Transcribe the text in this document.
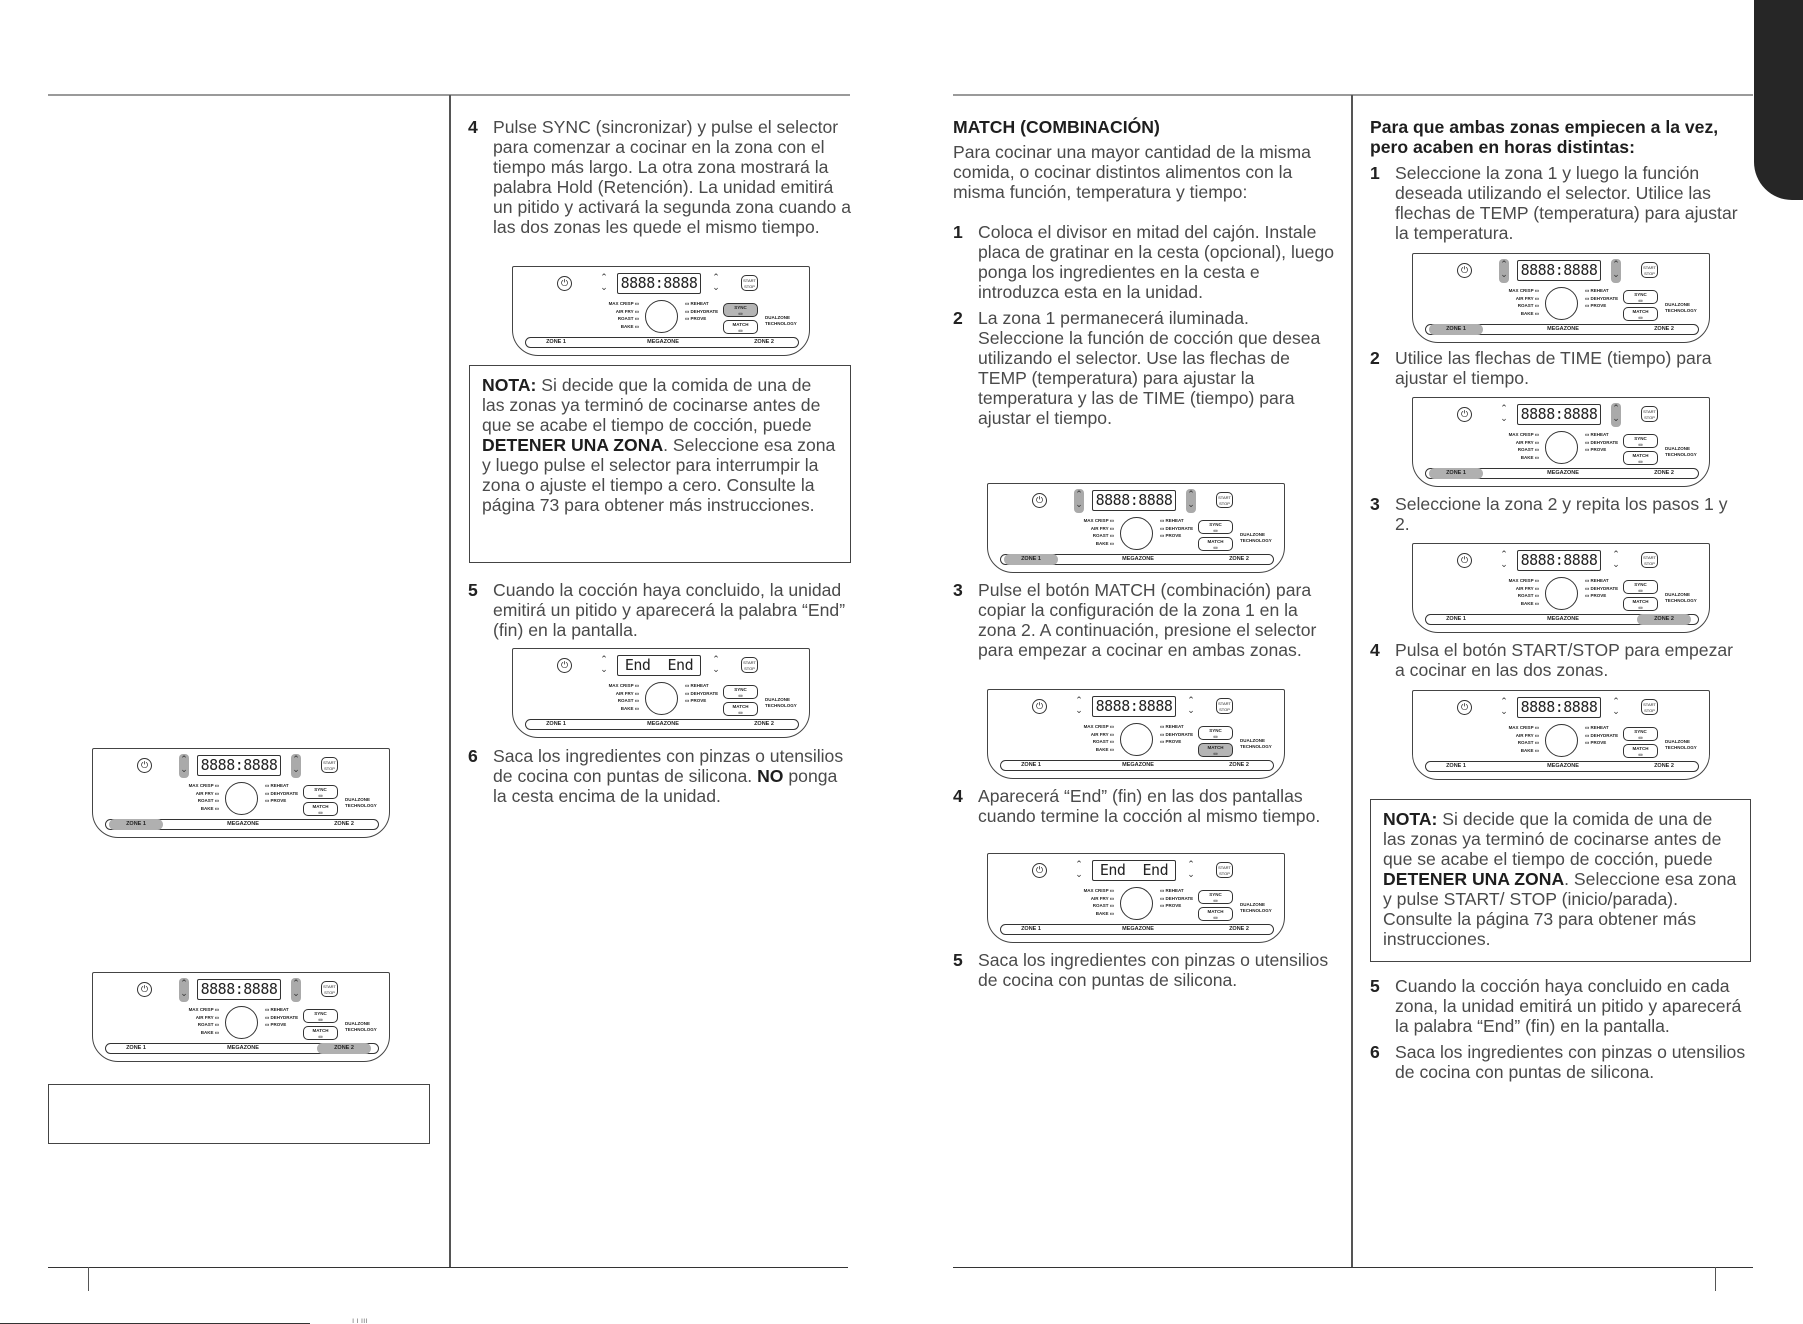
ı ı ııı
⏻
⌃
⌄ 8888:8888	⌃
⌄
START STOP
MAX CRISP ▭
AIR FRY ▭
ROAST ▭
BAKE ▭
▭ REHEAT
▭ DEHYDRATE
▭ PROVE
SYNC
▭
MATCH
▭
DUALZONE TECHNOLOGY
ZONE 1	MEGAZONE	ZONE 2
⏻
⌃
⌄ 8888:8888	⌃
⌄
START STOP
MAX CRISP ▭
AIR FRY ▭
ROAST ▭
BAKE ▭
▭ REHEAT
▭ DEHYDRATE
▭ PROVE
SYNC
▭
MATCH
▭
DUALZONE TECHNOLOGY
ZONE 1	MEGAZONE	ZONE 2
4 Pulse SYNC (sincronizar) y pulse el selector para comenzar a cocinar en la zona con el tiempo más largo. La otra zona mostrará la palabra Hold (Retención). La unidad emitirá un pitido y activará la segunda zona cuando a las dos zonas les quede el mismo tiempo.
⏻
⌃
⌄ 8888:8888	⌃
⌄
START STOP
MAX CRISP ▭
AIR FRY ▭
ROAST ▭
BAKE ▭
▭ REHEAT
▭ DEHYDRATE
▭ PROVE
SYNC
▭
MATCH
▭
DUALZONE TECHNOLOGY
ZONE 1	MEGAZONE	ZONE 2
NOTA: Si decide que la comida de una de las zonas ya terminó de cocinarse antes de que se acabe el tiempo de cocción, puede DETENER UNA ZONA. Seleccione esa zona y luego pulse el selector para interrumpir la zona o ajuste el tiempo a cero. Consulte la página 73 para obtener más instrucciones.
5 Cuando la cocción haya concluido, la unidad emitirá un pitido y aparecerá la palabra “End” (fin) en la pantalla.
⏻
⌃
⌄	End  End	⌃
⌄
START STOP
MAX CRISP ▭
AIR FRY ▭
ROAST ▭
BAKE ▭
▭ REHEAT
▭ DEHYDRATE
▭ PROVE
SYNC
▭
MATCH
▭
DUALZONE TECHNOLOGY
ZONE 1	MEGAZONE	ZONE 2
6 Saca los ingredientes con pinzas o utensilios de cocina con puntas de silicona. NO ponga la cesta encima de la unidad.
MATCH (COMBINACIÓN)
Para cocinar una mayor cantidad de la misma comida, o cocinar distintos alimentos con la misma función, temperatura y tiempo:
1 Coloca el divisor en mitad del cajón. Instale placa de gratinar en la cesta (opcional), luego ponga los ingredientes en la cesta e introduzca esta en la unidad.
2 La zona 1 permanecerá iluminada. Seleccione la función de cocción que desea utilizando el selector. Use las flechas de TEMP (temperatura) para ajustar la temperatura y las de TIME (tiempo) para ajustar el tiempo.
⏻
⌃
⌄ 8888:8888	⌃
⌄
START STOP
MAX CRISP ▭
AIR FRY ▭
ROAST ▭
BAKE ▭
▭ REHEAT
▭ DEHYDRATE
▭ PROVE
SYNC
▭
MATCH
▭
DUALZONE TECHNOLOGY
ZONE 1	MEGAZONE	ZONE 2
3 Pulse el botón MATCH (combinación) para copiar la configuración de la zona 1 en la zona 2. A continuación, presione el selector para empezar a cocinar en ambas zonas.
⏻
⌃
⌄ 8888:8888	⌃
⌄
START STOP
MAX CRISP ▭
AIR FRY ▭
ROAST ▭
BAKE ▭
▭ REHEAT
▭ DEHYDRATE
▭ PROVE
SYNC
▭
MATCH
▭
DUALZONE TECHNOLOGY
ZONE 1	MEGAZONE	ZONE 2
4 Aparecerá “End” (fin) en las dos pantallas cuando termine la cocción al mismo tiempo.
⏻
⌃
⌄	End  End	⌃
⌄
START STOP
MAX CRISP ▭
AIR FRY ▭
ROAST ▭
BAKE ▭
▭ REHEAT
▭ DEHYDRATE
▭ PROVE
SYNC
▭
MATCH
▭
DUALZONE TECHNOLOGY
ZONE 1	MEGAZONE	ZONE 2
5 Saca los ingredientes con pinzas o utensilios de cocina con puntas de silicona.
Para que ambas zonas empiecen a la vez, pero acaben en horas distintas:
1 Seleccione la zona 1 y luego la función deseada utilizando el selector. Utilice las flechas de TEMP (temperatura) para ajustar la temperatura.
⏻
⌃
⌄ 8888:8888	⌃
⌄
START STOP
MAX CRISP ▭
AIR FRY ▭
ROAST ▭
BAKE ▭
▭ REHEAT
▭ DEHYDRATE
▭ PROVE
SYNC
▭
MATCH
▭
DUALZONE TECHNOLOGY
ZONE 1	MEGAZONE	ZONE 2
2 Utilice las flechas de TIME (tiempo) para ajustar el tiempo.
⏻
⌃
⌄ 8888:8888	⌃
⌄
START STOP
MAX CRISP ▭
AIR FRY ▭
ROAST ▭
BAKE ▭
▭ REHEAT
▭ DEHYDRATE
▭ PROVE
SYNC
▭
MATCH
▭
DUALZONE TECHNOLOGY
ZONE 1	MEGAZONE	ZONE 2
3 Seleccione la zona 2 y repita los pasos 1 y 2.
⏻
⌃
⌄ 8888:8888	⌃
⌄
START STOP
MAX CRISP ▭
AIR FRY ▭
ROAST ▭
BAKE ▭
▭ REHEAT
▭ DEHYDRATE
▭ PROVE
SYNC
▭
MATCH
▭
DUALZONE TECHNOLOGY
ZONE 1	MEGAZONE	ZONE 2
4 Pulsa el botón START/STOP para empezar a cocinar en las dos zonas.
⏻
⌃
⌄ 8888:8888	⌃
⌄
START STOP
MAX CRISP ▭
AIR FRY ▭
ROAST ▭
BAKE ▭
▭ REHEAT
▭ DEHYDRATE
▭ PROVE
SYNC
▭
MATCH
▭
DUALZONE TECHNOLOGY
ZONE 1	MEGAZONE	ZONE 2
NOTA: Si decide que la comida de una de las zonas ya terminó de cocinarse antes de que se acabe el tiempo de cocción, puede DETENER UNA ZONA. Seleccione esa zona y pulse START/ STOP (inicio/parada). Consulte la página 73 para obtener más instrucciones.
5 Cuando la cocción haya concluido en cada zona, la unidad emitirá un pitido y aparecerá la palabra “End” (fin) en la pantalla.
6 Saca los ingredientes con pinzas o utensilios de cocina con puntas de silicona.
